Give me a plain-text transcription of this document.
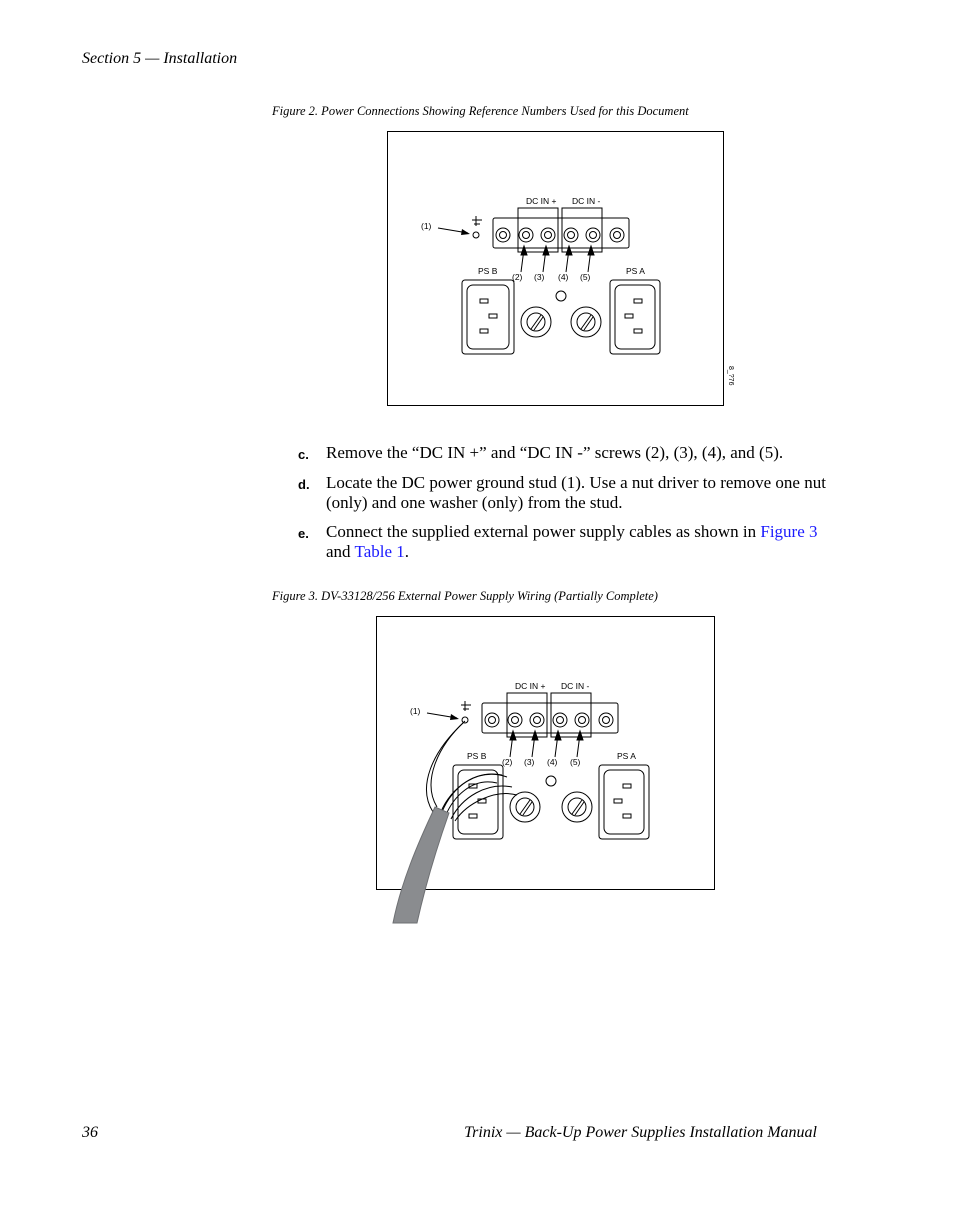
Section 5 — Installation
Figure 2. Power Connections Showing Reference Numbers Used for this Document
DC IN + DC IN -
(1)
(2) (3) (4) (5)
PS B	PS A
8_?76
c. Remove the “DC IN +” and “DC IN -” screws (2), (3), (4), and (5).
d. Locate the DC power ground stud (1). Use a nut driver to remove one nut (only) and one washer (only) from the stud.
e. Connect the supplied external power supply cables as shown in Figure 3 and Table 1.
Figure 3. DV-33128/256 External Power Supply Wiring (Partially Complete)
DC IN + DC IN -
(1)
(2) (3) (4) (5)
PS B	PS A
36	Trinix — Back-Up Power Supplies Installation Manual
